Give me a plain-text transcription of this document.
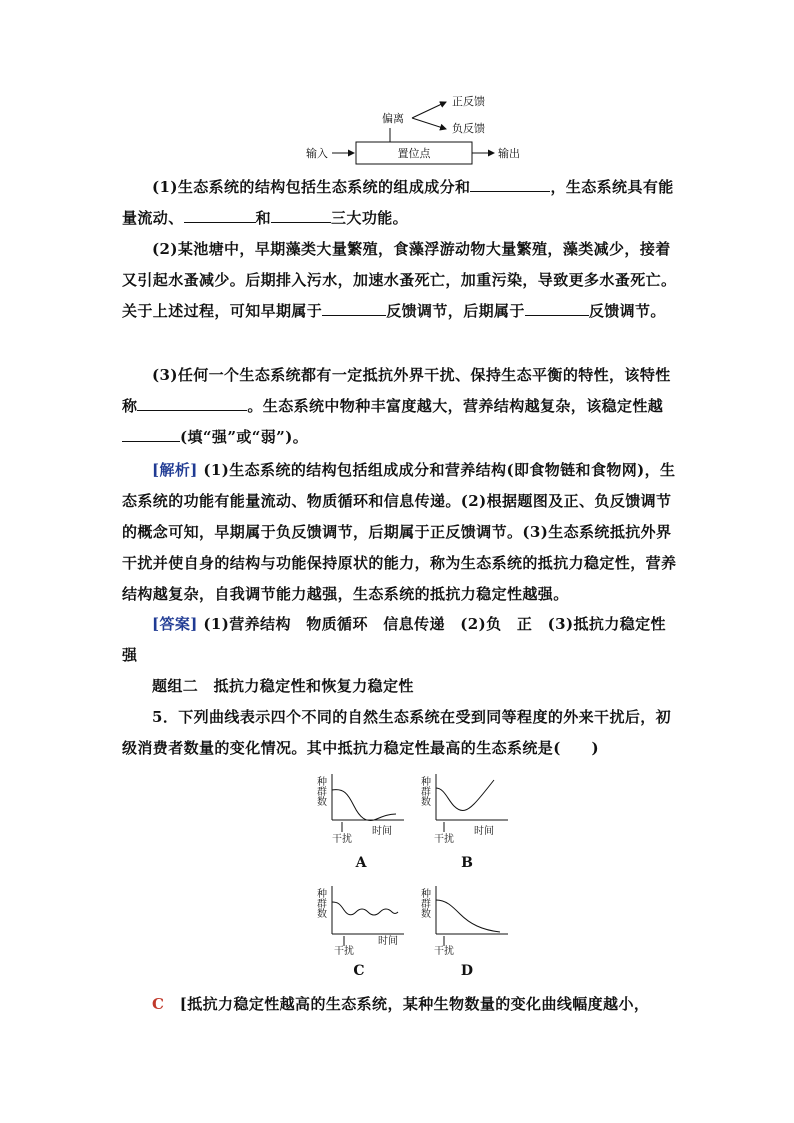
置位点
输入	输出
偏离
正反馈
负反馈

(1)生态系统的结构包括生态系统的组成成分和	，生态系统具有能量流动、	和	三大功能。

(2)某池塘中，早期藻类大量繁殖，食藻浮游动物大量繁殖，藻类减少，接着又引起水蚤减少。后期排入污水，加速水蚤死亡，加重污染，导致更多水蚤死亡。关于上述过程，可知早期属于	反馈调节，后期属于	反馈调节。

(3)任何一个生态系统都有一定抵抗外界干扰、保持生态平衡的特性，该特性称	。生态系统中物种丰富度越大，营养结构越复杂，该稳定性越(填“强”或“弱”)。

[解析] (1)生态系统的结构包括组成成分和营养结构(即食物链和食物网)，生态系统的功能有能量流动、物质循环和信息传递。(2)根据题图及正、负反馈调节的概念可知，早期属于负反馈调节，后期属于正反馈调节。(3)生态系统抵抗外界干扰并使自身的结构与功能保持原状的能力，称为生态系统的抵抗力稳定性，营养结构越复杂，自我调节能力越强，生态系统的抵抗力稳定性越强。

[答案] (1)营养结构　物质循环　信息传递　(2)负　正　(3)抵抗力稳定性强

题组二　抵抗力稳定性和恢复力稳定性

5．下列曲线表示四个不同的自然生态系统在受到同等程度的外来干扰后，初级消费者数量的变化情况。其中抵抗力稳定性最高的生态系统是(　　)

种群数
干扰
时间
A
种群数
干扰
时间
B
种群数
干扰
时间
C
种群数
干扰
D

C　 [抵抗力稳定性越高的生态系统，某种生物数量的变化曲线幅度越小，
